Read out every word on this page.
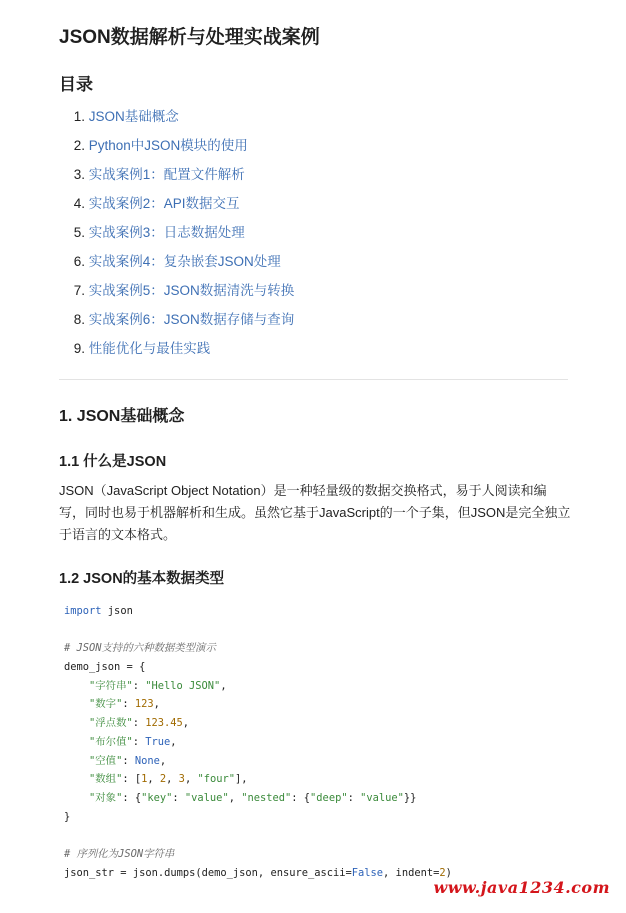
JSON数据解析与处理实战案例
目录
1. JSON基础概念
2. Python中JSON模块的使用
3. 实战案例1：配置文件解析
4. 实战案例2：API数据交互
5. 实战案例3：日志数据处理
6. 实战案例4：复杂嵌套JSON处理
7. 实战案例5：JSON数据清洗与转换
8. 实战案例6：JSON数据存储与查询
9. 性能优化与最佳实践
1. JSON基础概念
1.1 什么是JSON

JSON（JavaScript Object Notation）是一种轻量级的数据交换格式，易于人阅读和编写，同时也易于机器解析和生成。虽然它基于JavaScript的一个子集，但JSON是完全独立于语言的文本格式。

1.2 JSON的基本数据类型
import json
# JSON支持的六种数据类型演示
demo_json = {
"字符串": "Hello JSON",
"数字": 123,
"浮点数": 123.45,
"布尔值": True,
"空值": None,
"数组": [1, 2, 3, "four"],
"对象": {"key": "value", "nested": {"deep": "value"}}
}
# 序列化为JSON字符串
json_str = json.dumps(demo_json, ensure_ascii=False, indent=2)
www.java1234.com
